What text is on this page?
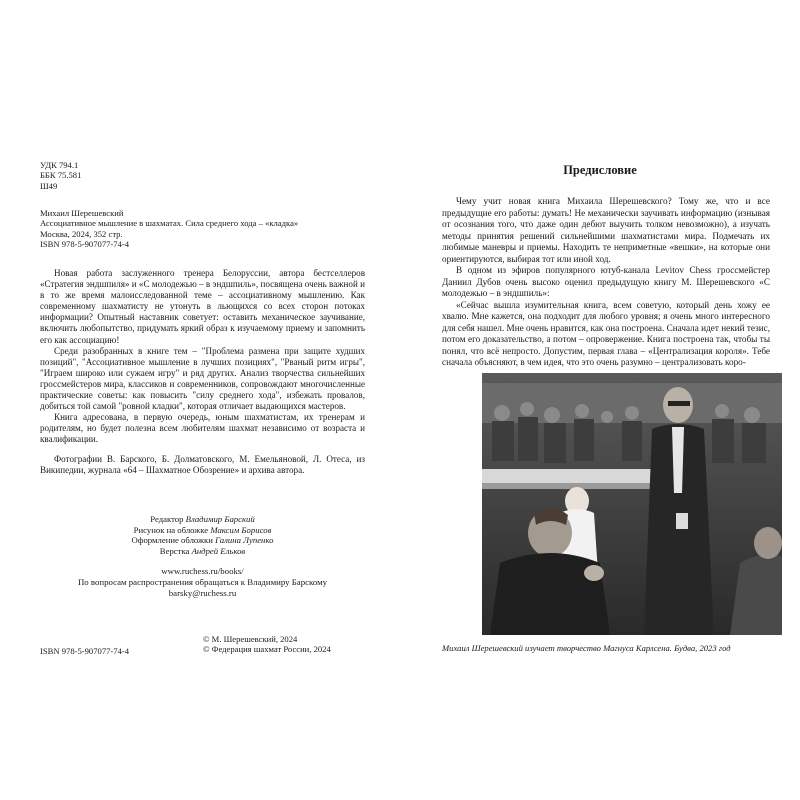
УДК 794.1
ББК 75.581
Ш49
Михаил Шерешевский
Ассоциативное мышление в шахматах. Сила среднего хода – «кладка»
Москва, 2024, 352 стр.
ISBN 978-5-907077-74-4

Новая работа заслуженного тренера Белоруссии, автора бестселлеров «Стратегия эндшпиля» и «С молодежью – в эндшпиль», посвящена очень важной и в то же время малоисследованной теме – ассоциативному мышлению. Как современному шахматисту не утонуть в льющихся со всех сторон потоках информации? Опытный наставник советует: оставить механическое заучивание, включить любопытство, придумать яркий образ к изучаемому приему и запомнить его как ассоциацию!

Среди разобранных в книге тем – "Проблема размена при защите худших позиций", "Ассоциативное мышление в лучших позициях", "Рваный ритм игры", "Играем широко или сужаем игру" и ряд других. Анализ творчества сильнейших гроссмейстеров мира, классиков и современников, сопровождают многочисленные практические советы: как повысить "силу среднего хода", избежать провалов, добиться той самой "ровной кладки", которая отличает выдающихся мастеров.

Книга адресована, в первую очередь, юным шахматистам, их тренерам и родителям, но будет полезна всем любителям шахмат независимо от возраста и квалификации.

Фотографии В. Барского, Б. Долматовского, М. Емельяновой, Л. Отеса, из Википедии, журнала «64 – Шахматное Обозрение» и архива автора.

Редактор Владимир Барский
Рисунок на обложке Максим Борисов
Оформление обложки Галина Лупенко
Верстка Андрей Ельков
www.ruchess.ru/books/
По вопросам распространения обращаться к Владимиру Барскому
barsky@ruchess.ru
ISBN 978-5-907077-74-4
© М. Шерешевский, 2024
© Федерация шахмат России, 2024
Предисловие

Чему учит новая книга Михаила Шерешевского? Тому же, что и все предыдущие его работы: думать! Не механически заучивать информацию (изнывая от осознания того, что даже один дебют выучить толком невозможно), а изучать методы принятия решений сильнейшими шахматистами мира. Подмечать их любимые маневры и приемы. Находить те неприметные «вешки», на которые они ориентируются, выбирая тот или иной ход.

В одном из эфиров популярного ютуб-канала Levitov Chess гроссмейстер Даниил Дубов очень высоко оценил предыдущую книгу М. Шерешевского «С молодежью – в эндшпиль»:

«Сейчас вышла изумительная книга, всем советую, который день хожу ее хвалю. Мне кажется, она подходит для любого уровня; я очень много интересного для себя нашел. Мне очень нравится, как она построена. Сначала идет некий тезис, потом его доказательство, а потом – опровержение. Книга построена так, чтобы ты понял, что всё непросто. Допустим, первая глава – «Централизация короля». Тебе сначала объясняют, в чем идея, что это очень разумно – централизовать коро-

Михаил Шерешевский изучает творчество Магнуса Карлсена. Будва, 2023 год
